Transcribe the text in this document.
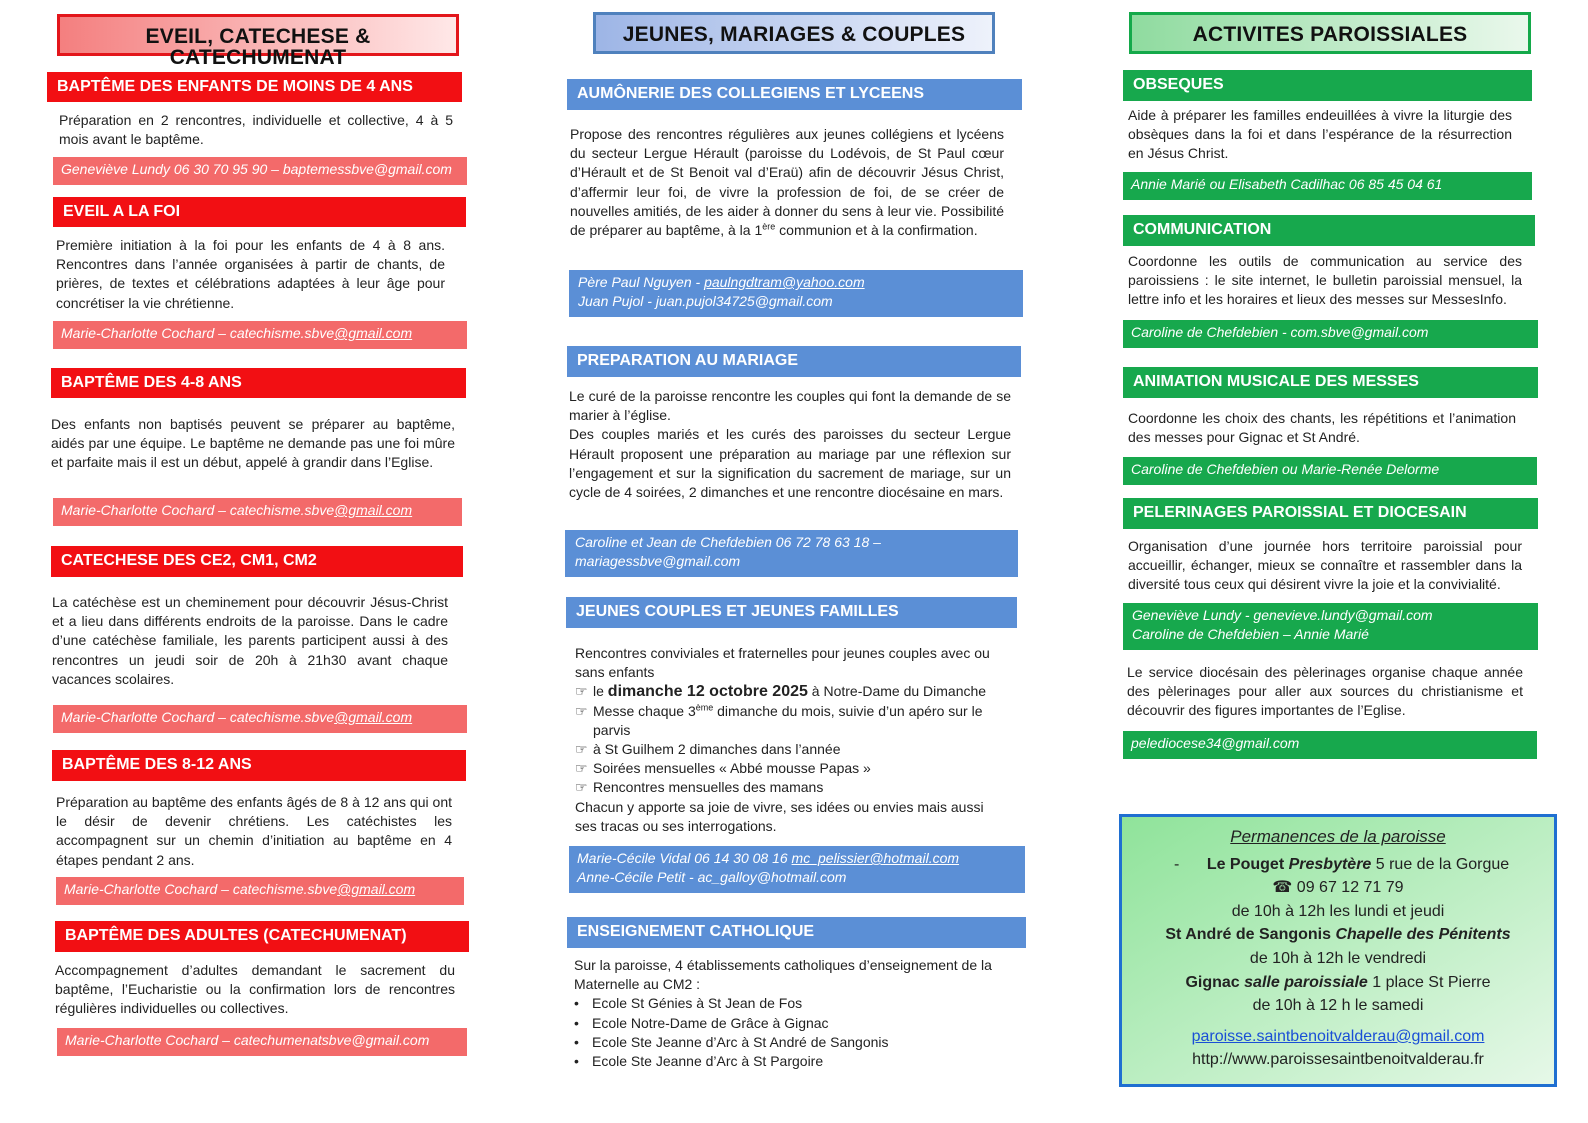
EVEIL, CATECHESE & CATECHUMENAT
JEUNES, MARIAGES & COUPLES	ACTIVITES PAROISSIALES
BAPTÊME DES ENFANTS DE MOINS DE 4 ANS
Préparation en 2 rencontres, individuelle et collective, 4 à 5 mois avant le baptême.
Geneviève Lundy 06 30 70 95 90 – baptemessbve@gmail.com
EVEIL A LA FOI
Première initiation à la foi pour les enfants de 4 à 8 ans. Rencontres dans l’année organisées à partir de chants, de prières, de textes et célébrations adaptées à leur âge pour concrétiser la vie chrétienne.
Marie-Charlotte Cochard – catechisme.sbve@gmail.com
BAPTÊME DES 4-8 ANS
Des enfants non baptisés peuvent se préparer au baptême, aidés par une équipe. Le baptême ne demande pas une foi mûre et parfaite mais il est un début, appelé à grandir dans l’Eglise.
Marie-Charlotte Cochard – catechisme.sbve@gmail.com
CATECHESE DES CE2, CM1, CM2
La catéchèse est un cheminement pour découvrir Jésus-Christ et a lieu dans différents endroits de la paroisse. Dans le cadre d’une catéchèse familiale, les parents participent aussi à des rencontres un jeudi soir de 20h à 21h30 avant chaque vacances scolaires.
Marie-Charlotte Cochard – catechisme.sbve@gmail.com
BAPTÊME DES 8-12 ANS
Préparation au baptême des enfants âgés de 8 à 12 ans qui ont le désir de devenir chrétiens. Les catéchistes les accompagnent sur un chemin d’initiation au baptême en 4 étapes pendant 2 ans.
Marie-Charlotte Cochard – catechisme.sbve@gmail.com
BAPTÊME DES ADULTES (CATECHUMENAT)
Accompagnement d’adultes demandant le sacrement du baptême, l’Eucharistie ou la confirmation lors de rencontres régulières individuelles ou collectives.
Marie-Charlotte Cochard – catechumenatsbve@gmail.com
AUMÔNERIE DES COLLEGIENS ET LYCEENS
Propose des rencontres régulières aux jeunes collégiens et lycéens du secteur Lergue Hérault (paroisse du Lodévois, de St Paul cœur d’Hérault et de St Benoit val d’Eraü) afin de découvrir Jésus Christ, d’affermir leur foi, de vivre la profession de foi, de se créer de nouvelles amitiés, de les aider à donner du sens à leur vie. Possibilité de préparer au baptême, à la 1ère communion et à la confirmation.
Père Paul Nguyen - paulngdtram@yahoo.com
Juan Pujol - juan.pujol34725@gmail.com
PREPARATION AU MARIAGE

Le curé de la paroisse rencontre les couples qui font la demande de se marier à l’église.

Des couples mariés et les curés des paroisses du secteur Lergue Hérault proposent une préparation au mariage par une réflexion sur l’engagement et sur la signification du sacrement de mariage, sur un cycle de 4 soirées, 2 dimanches et une rencontre diocésaine en mars.

Caroline et Jean de Chefdebien 06 72 78 63 18 –
mariagessbve@gmail.com
JEUNES COUPLES ET JEUNES FAMILLES

Rencontres conviviales et fraternelles pour jeunes couples avec ou sans enfants

☞ le dimanche 12 octobre 2025 à Notre-Dame du Dimanche
☞ Messe chaque 3ème dimanche du mois, suivie d’un apéro sur le parvis
☞ à St Guilhem 2 dimanches dans l’année
☞ Soirées mensuelles « Abbé mousse Papas »
☞ Rencontres mensuelles des mamans

Chacun y apporte sa joie de vivre, ses idées ou envies mais aussi ses tracas ou ses interrogations.

Marie-Cécile Vidal 06 14 30 08 16 mc_pelissier@hotmail.com
Anne-Cécile Petit - ac_galloy@hotmail.com
ENSEIGNEMENT CATHOLIQUE

Sur la paroisse, 4 établissements catholiques d’enseignement de la Maternelle au CM2 :

• Ecole St Génies à St Jean de Fos
• Ecole Notre-Dame de Grâce à Gignac
• Ecole Ste Jeanne d’Arc à St André de Sangonis
• Ecole Ste Jeanne d’Arc à St Pargoire
OBSEQUES
Aide à préparer les familles endeuillées à vivre la liturgie des obsèques dans la foi et dans l’espérance de la résurrection en Jésus Christ.
Annie Marié ou Elisabeth Cadilhac 06 85 45 04 61
COMMUNICATION
Coordonne les outils de communication au service des paroissiens : le site internet, le bulletin paroissial mensuel, la lettre info et les horaires et lieux des messes sur MessesInfo.
Caroline de Chefdebien - com.sbve@gmail.com
ANIMATION MUSICALE DES MESSES
Coordonne les choix des chants, les répétitions et l’animation des messes pour Gignac et St André.
Caroline de Chefdebien ou Marie-Renée Delorme
PELERINAGES PAROISSIAL ET DIOCESAIN
Organisation d’une journée hors territoire paroissial pour accueillir, échanger, mieux se connaître et rassembler dans la diversité tous ceux qui désirent vivre la joie et la convivialité.
Geneviève Lundy - genevieve.lundy@gmail.com
Caroline de Chefdebien – Annie Marié
Le service diocésain des pèlerinages organise chaque année des pèlerinages pour aller aux sources du christianisme et découvrir des figures importantes de l’Eglise.
pelediocese34@gmail.com
Permanences de la paroisse
- Le Pouget Presbytère 5 rue de la Gorgue
☎ 09 67 12 71 79
de 10h à 12h les lundi et jeudi
St André de Sangonis Chapelle des Pénitents
de 10h à 12h le vendredi
Gignac salle paroissiale 1 place St Pierre
de 10h à 12 h le samedi
paroisse.saintbenoitvalderau@gmail.com
http://www.paroissesaintbenoitvalderau.fr
